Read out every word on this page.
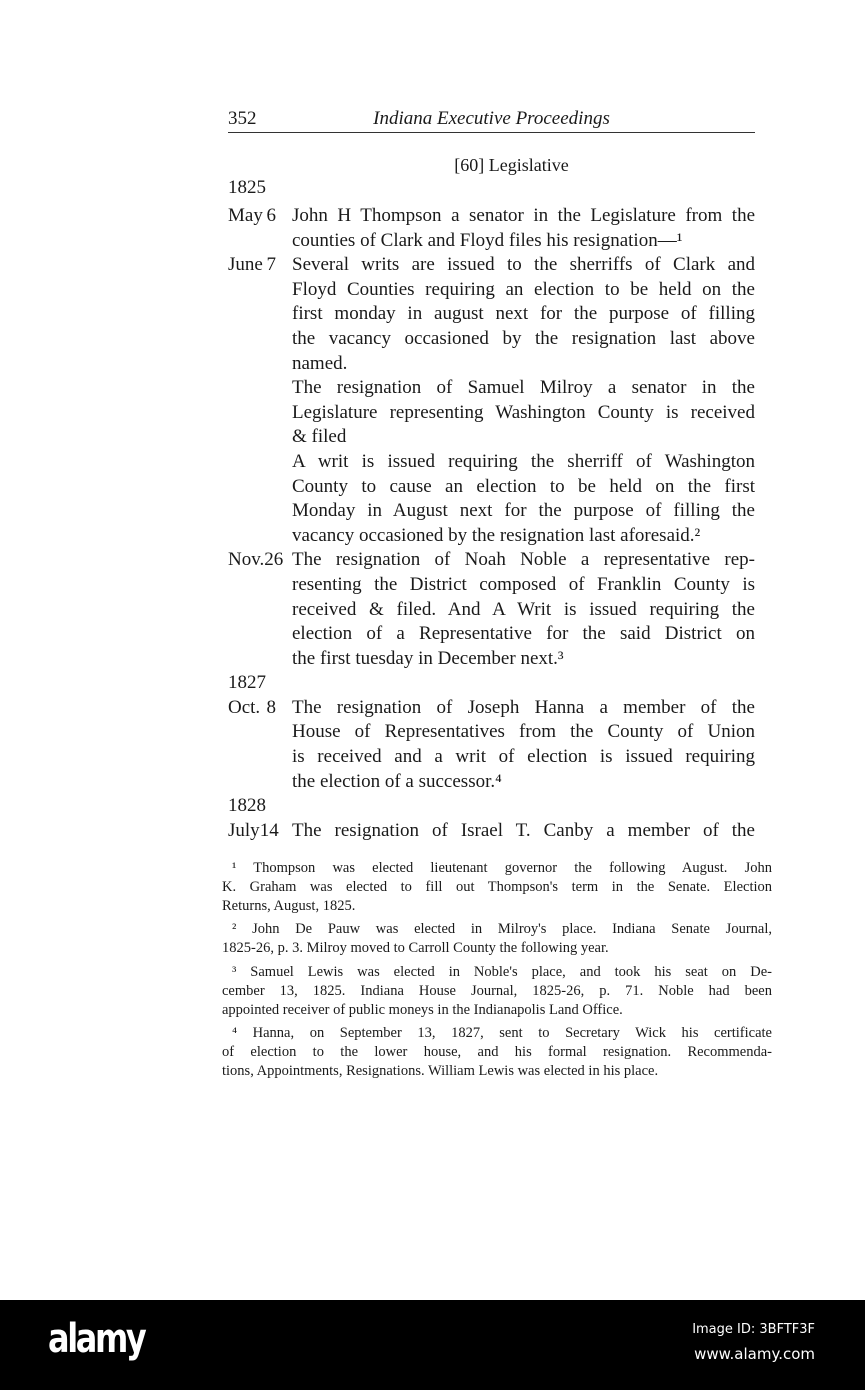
352	Indiana Executive Proceedings
[60] Legislative
1825
May 6 John H Thompson a senator in the Legislature from the
counties of Clark and Floyd files his resignation—¹
June 7 Several writs are issued to the sherriffs of Clark and
Floyd Counties requiring an election to be held on the
first monday in august next for the purpose of filling
the vacancy occasioned by the resignation last above
named.
The resignation of Samuel Milroy a senator in the
Legislature representing Washington County is received
& filed
A writ is issued requiring the sherriff of Washington
County to cause an election to be held on the first
Monday in August next for the purpose of filling the
vacancy occasioned by the resignation last aforesaid.²
Nov. 26 The resignation of Noah Noble a representative rep-
resenting the District composed of Franklin County is
received & filed. And A Writ is issued requiring the
election of a Representative for the said District on
the first tuesday in December next.³
1827
Oct. 8 The resignation of Joseph Hanna a member of the
House of Representatives from the County of Union
is received and a writ of election is issued requiring
the election of a successor.⁴
1828
July 14 The resignation of Israel T. Canby a member of the
¹ Thompson was elected lieutenant governor the following August. John
K. Graham was elected to fill out Thompson's term in the Senate. Election
Returns, August, 1825.
² John De Pauw was elected in Milroy's place. Indiana Senate Journal,
1825-26, p. 3. Milroy moved to Carroll County the following year.
³ Samuel Lewis was elected in Noble's place, and took his seat on De-
cember 13, 1825. Indiana House Journal, 1825-26, p. 71. Noble had been
appointed receiver of public moneys in the Indianapolis Land Office.
⁴ Hanna, on September 13, 1827, sent to Secretary Wick his certificate
of election to the lower house, and his formal resignation. Recommenda-
tions, Appointments, Resignations. William Lewis was elected in his place.
alamy	Image ID: 3BFTF3F
www.alamy.com
